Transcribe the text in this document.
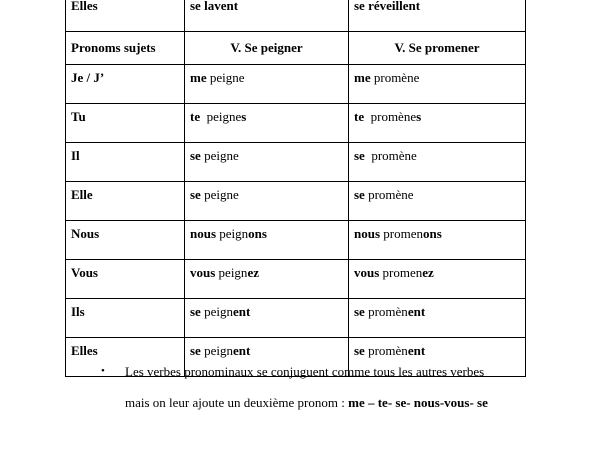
Elles	se lavent	se réveillent
Pronoms sujets	V. Se peigner	V. Se promener
Je / J’	me peigne	me promène
Tu	te  peignes	te  promènes
Il	se peigne	se  promène
Elle	se peigne	se promène
Nous	nous peignons	nous promenons
Vous	vous peignez	vous promenez
Ils	se peignent	se promènent
Elles	se peignent	se promènent
• Les verbes pronominaux se conjuguent comme tous les autres verbes
mais on leur ajoute un deuxième pronom : me – te- se- nous-vous- se
